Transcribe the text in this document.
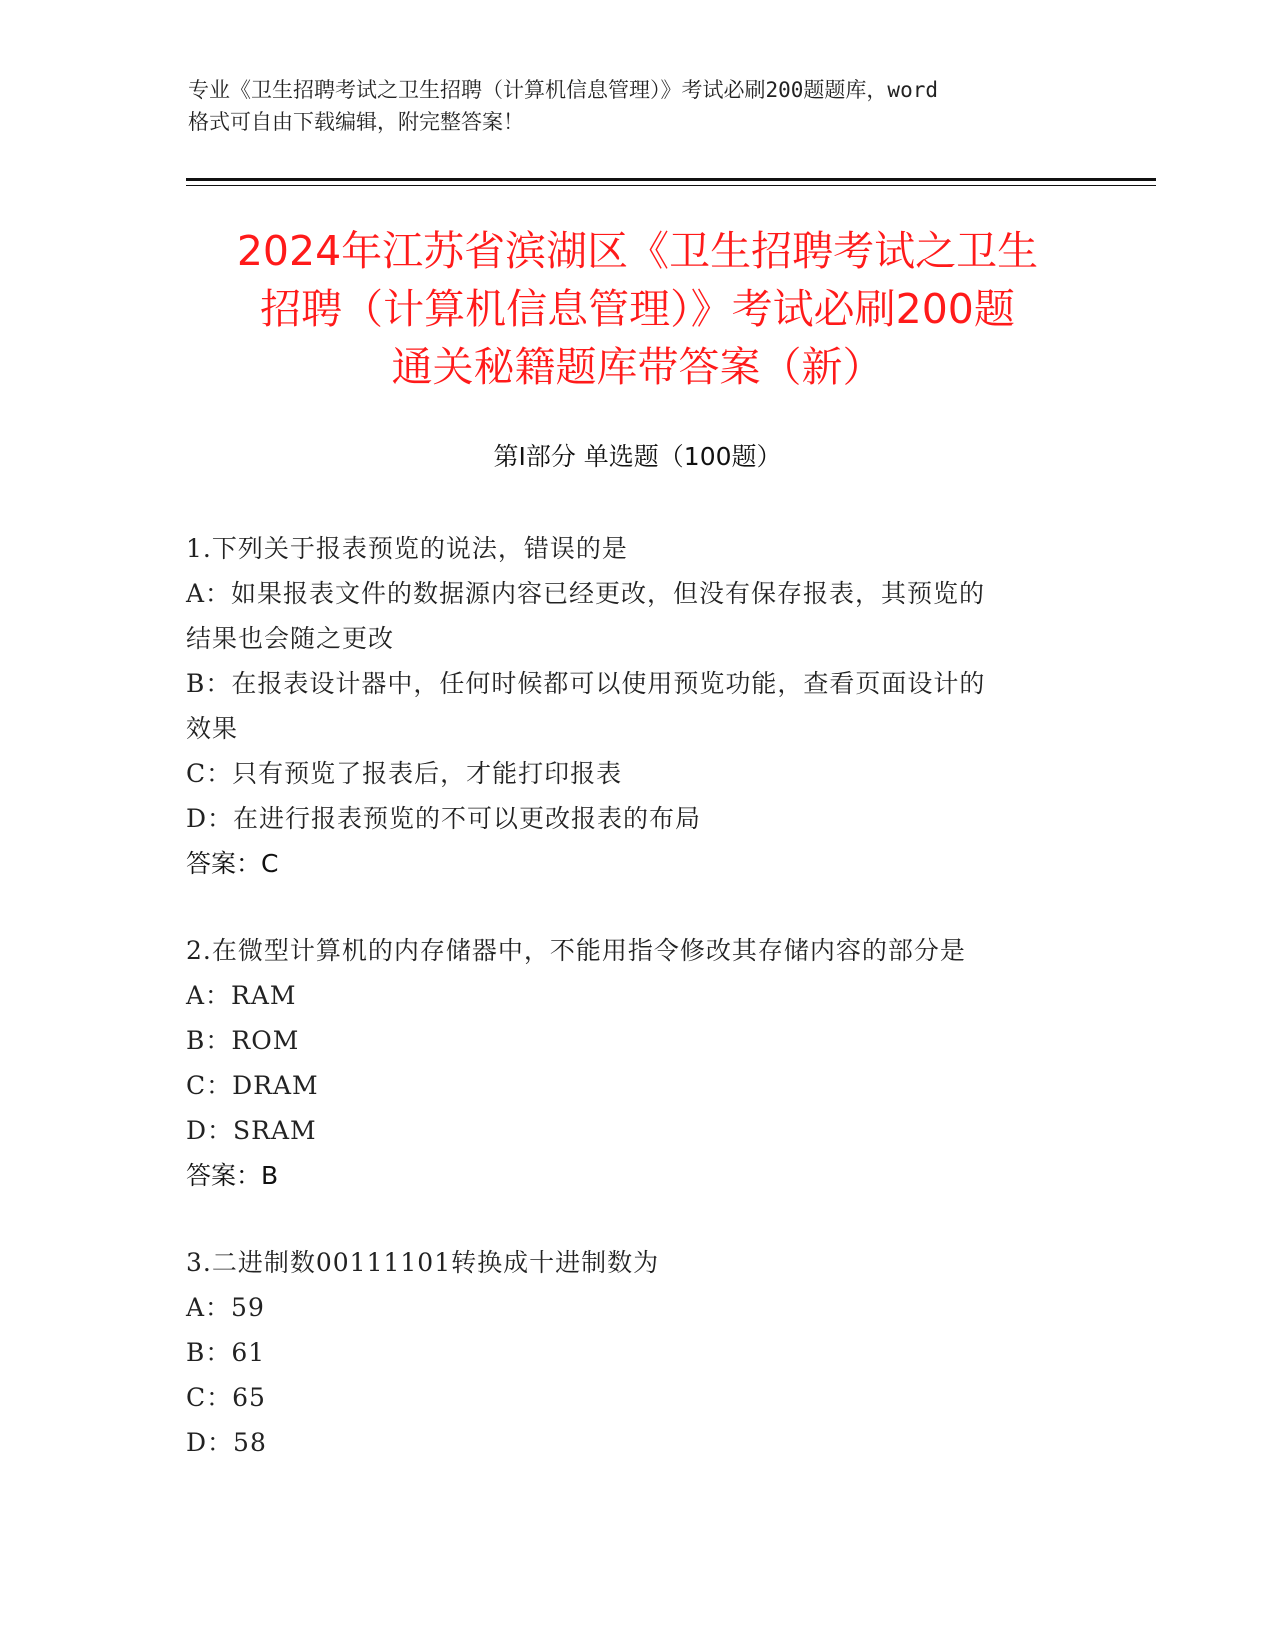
专业《卫生招聘考试之卫生招聘（计算机信息管理）》考试必刷200题题库，word
格式可自由下载编辑，附完整答案！
2024年江苏省滨湖区《卫生招聘考试之卫生
招聘（计算机信息管理）》考试必刷200题
通关秘籍题库带答案（新）
第Ⅰ部分 单选题（100题）
1.下列关于报表预览的说法，错误的是
A：如果报表文件的数据源内容已经更改，但没有保存报表，其预览的
结果也会随之更改
B：在报表设计器中，任何时候都可以使用预览功能，查看页面设计的
效果
C：只有预览了报表后，才能打印报表
D：在进行报表预览的不可以更改报表的布局
答案：C
2.在微型计算机的内存储器中，不能用指令修改其存储内容的部分是
A：RAM
B：ROM
C：DRAM
D：SRAM
答案：B
3.二进制数00111101转换成十进制数为
A：59
B：61
C：65
D：58
